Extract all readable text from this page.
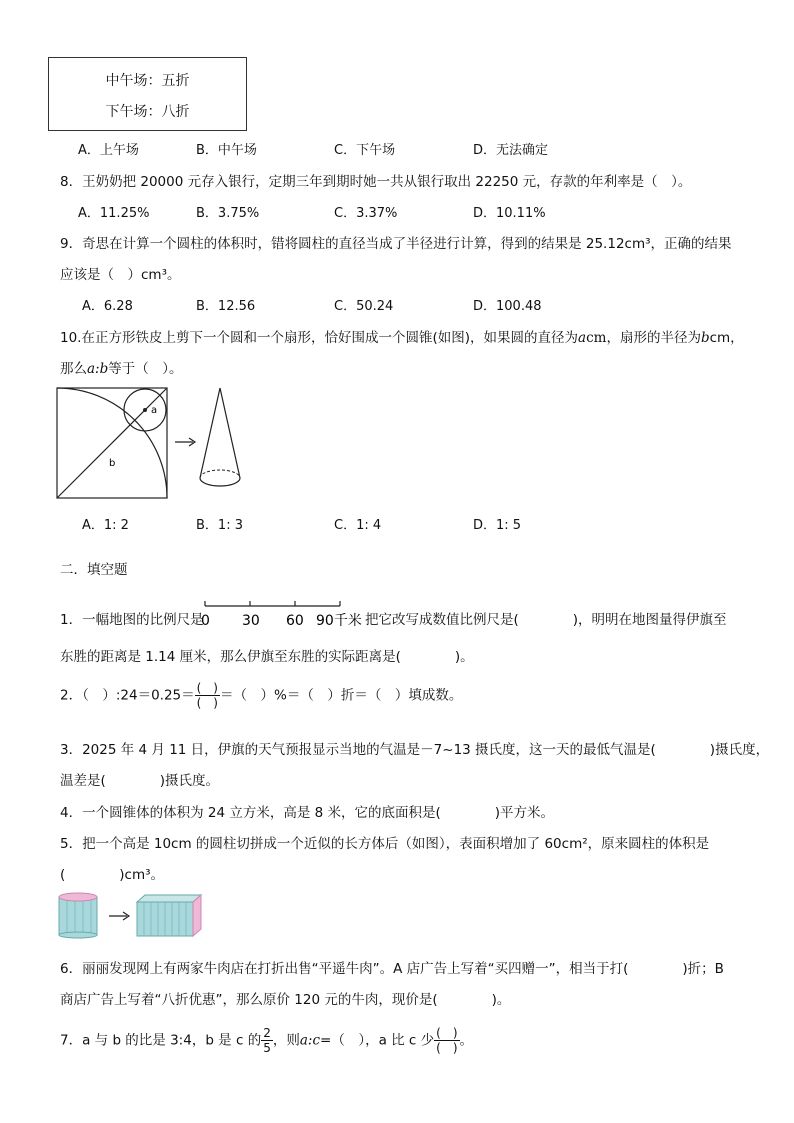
中午场：五折
下午场：八折
A．上午场	B．中午场	C．下午场	D．无法确定
8．王奶奶把 20000 元存入银行，定期三年到期时她一共从银行取出 22250 元，存款的年利率是（　）。
A．11.25%	B．3.75%	C．3.37%	D．10.11%
9．奇思在计算一个圆柱的体积时，错将圆柱的直径当成了半径进行计算，得到的结果是 25.12cm³，正确的结果
应该是（　）cm³。
A．6.28	B．12.56	C．50.24	D．100.48
10.在正方形铁皮上剪下一个圆和一个扇形，恰好围成一个圆锥(如图)，如果圆的直径为acm，扇形的半径为bcm，
那么a:b等于（　）。
a
b
A．1: 2	B．1: 3	C．1: 4	D．1: 5
二．填空题
1．一幅地图的比例尺是
0 30 60 90千米 把它改写成数值比例尺是(　　　　)，明明在地图量得伊旗至
东胜的距离是 1.14 厘米，那么伊旗至东胜的实际距离是(　　　　)。
2．（　）:24＝0.25＝ $\frac{( )}{( )}$ ＝（　）%＝（　）折＝（　）填成数。
3．2025 年 4 月 11 日，伊旗的天气预报显示当地的气温是－7~13 摄氏度，这一天的最低气温是(　　　　)摄氏度，
温差是(　　　　)摄氏度。
4．一个圆锥体的体积为 24 立方米，高是 8 米，它的底面积是(　　　　)平方米。
5．把一个高是 10cm 的圆柱切拼成一个近似的长方体后（如图），表面积增加了 60cm²，原来圆柱的体积是
(　　　　)cm³。
6．丽丽发现网上有两家牛肉店在打折出售“平遥牛肉”。A 店广告上写着“买四赠一”，相当于打(　　　　)折；B
商店广告上写着“八折优惠”，那么原价 120 元的牛肉，现价是(　　　　)。
7．a 与 b 的比是 3:4，b 是 c 的 $\frac{2}{5}$ ，则a:c=（　），a 比 c 少 $\frac{( )}{( )}$ 。
